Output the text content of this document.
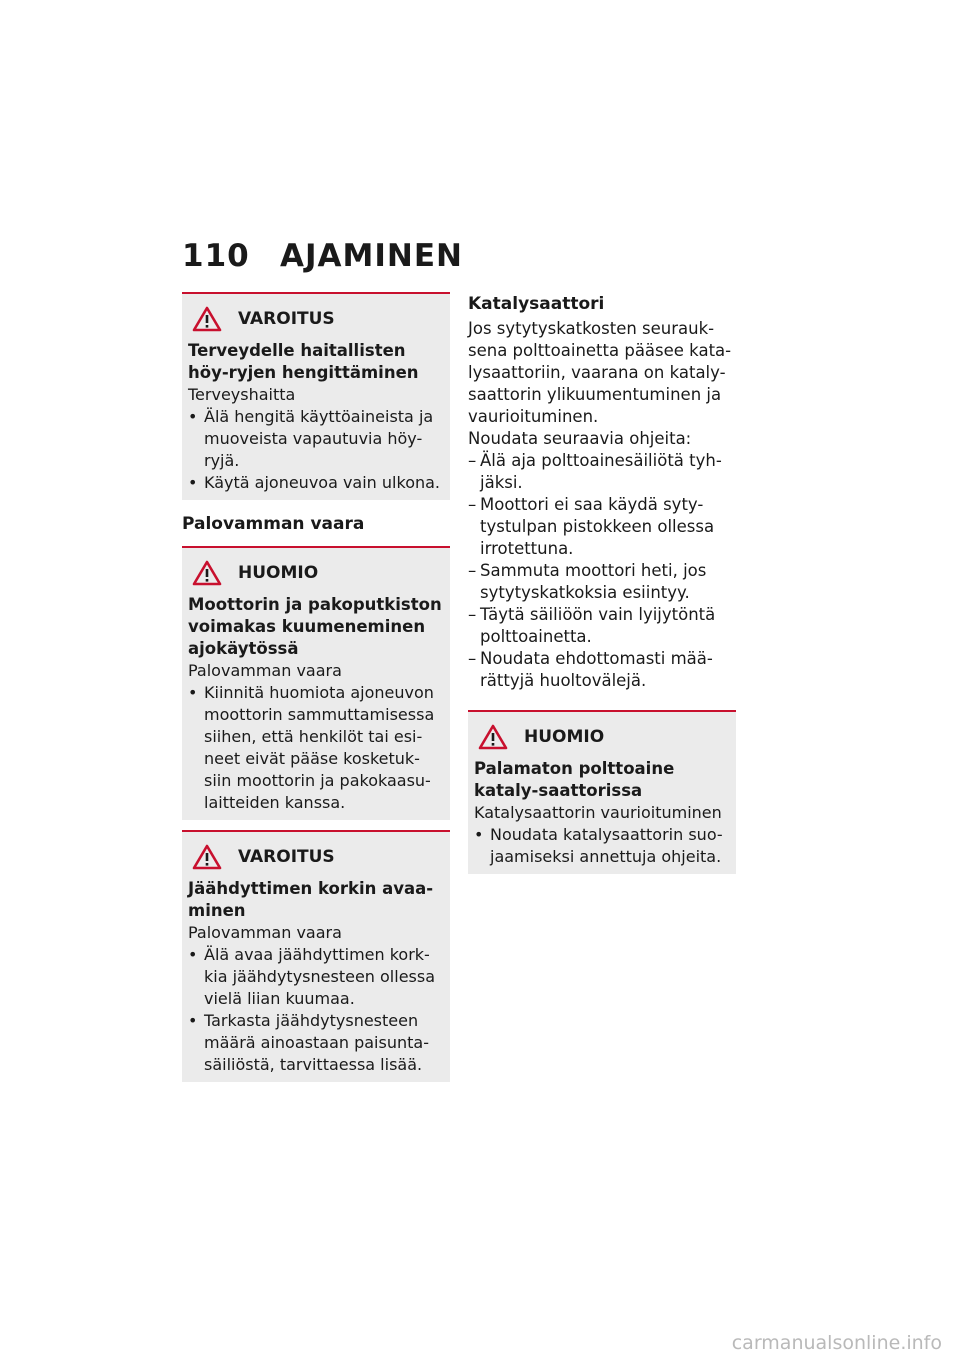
110 AJAMINEN
VAROITUS
Terveydelle haitallisten höy-ryjen hengittäminen
Terveyshaitta
• Älä hengitä käyttöaineista ja muoveista vapautuvia höy-ryjä.
• Käytä ajoneuvoa vain ulkona.
Palovamman vaara
HUOMIO
Moottorin ja pakoputkiston voimakas kuumeneminen ajokäytössä
Palovamman vaara
• Kiinnitä huomiota ajoneuvon moottorin sammuttamisessa siihen, että henkilöt tai esi-neet eivät pääse kosketuk-siin moottorin ja pakokaasu-laitteiden kanssa.
VAROITUS
Jäähdyttimen korkin avaa-minen
Palovamman vaara
• Älä avaa jäähdyttimen kork-kia jäähdytysnesteen ollessa vielä liian kuumaa.
• Tarkasta jäähdytysnesteen määrä ainoastaan paisunta-säiliöstä, tarvittaessa lisää.
Katalysaattori

Jos sytytyskatkosten seurauk-sena polttoainetta pääsee kata-lysaattoriin, vaarana on kataly-saattorin ylikuumentuminen ja vaurioituminen.

Noudata seuraavia ohjeita:

– Älä aja polttoainesäiliötä tyh-jäksi.
– Moottori ei saa käydä syty-tystulpan pistokkeen ollessa irrotettuna.
– Sammuta moottori heti, jos sytytyskatkoksia esiintyy.
– Täytä säiliöön vain lyijytöntä polttoainetta.
– Noudata ehdottomasti mää-rättyjä huoltovälejä.
HUOMIO
Palamaton polttoaine kataly-saattorissa
Katalysaattorin vaurioituminen
• Noudata katalysaattorin suo-jaamiseksi annettuja ohjeita.
carmanualsonline.info
